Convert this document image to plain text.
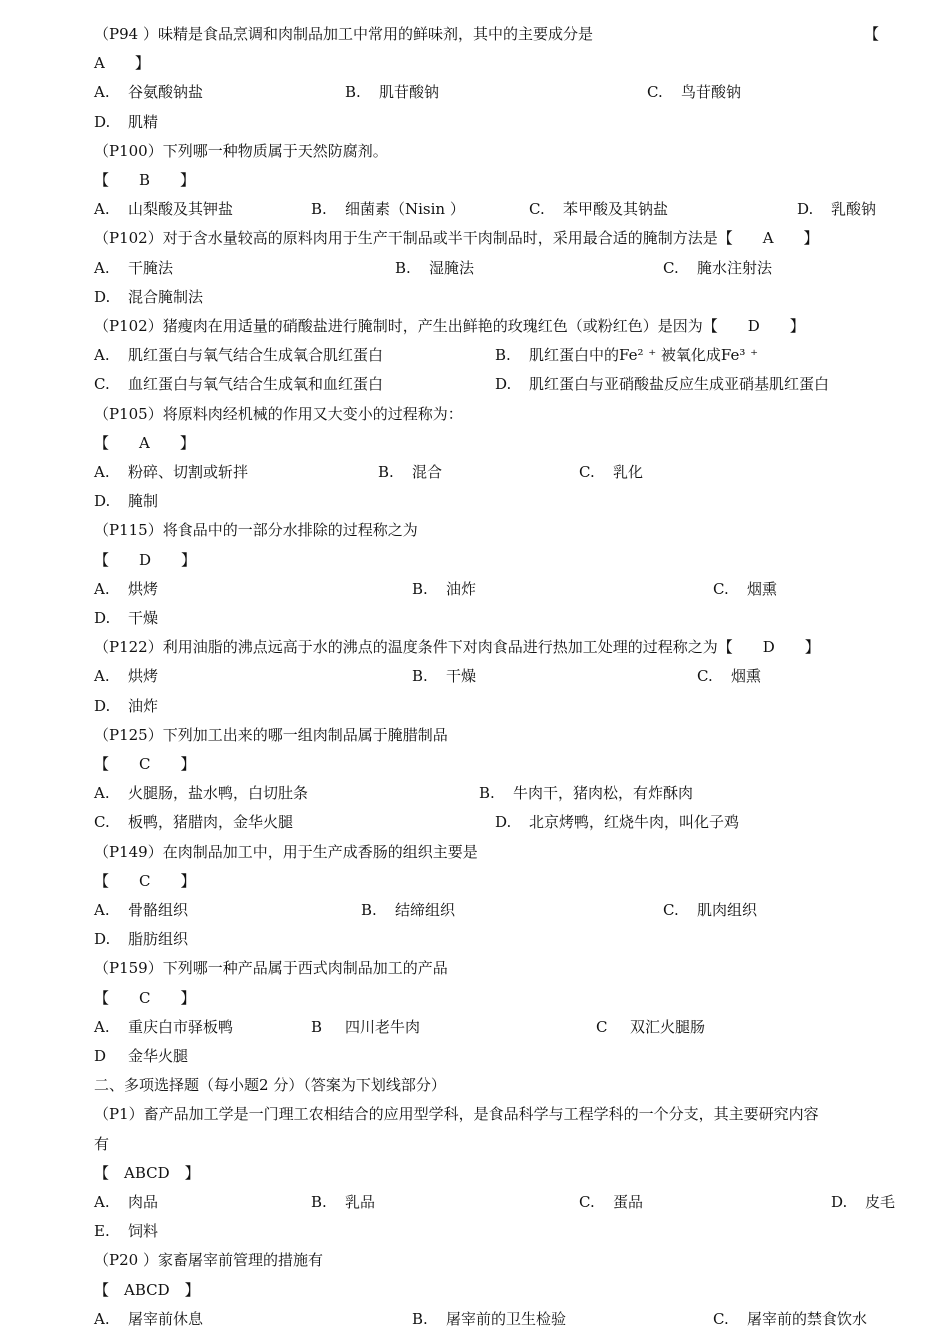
（P94 ）味精是食品烹调和肉制品加工中常用的鲜味剂，其中的主要成分是	【
A　　】
A. 谷氨酸钠盐	B. 肌苷酸钠	C. 鸟苷酸钠
D. 肌精
（P100）下列哪一种物质属于天然防腐剂。
【　　B　　】
A. 山梨酸及其钾盐	B. 细菌素（Nisin ）	C. 苯甲酸及其钠盐	D. 乳酸钠
（P102）对于含水量较高的原料肉用于生产干制品或半干肉制品时，采用最合适的腌制方法是【　　A　　】
A. 干腌法	B. 湿腌法	C. 腌水注射法
D. 混合腌制法
（P102）猪瘦肉在用适量的硝酸盐进行腌制时，产生出鲜艳的玫瑰红色（或粉红色）是因为【　　D　　】
A. 肌红蛋白与氧气结合生成氧合肌红蛋白	B. 肌红蛋白中的Fe² ⁺ 被氧化成Fe³ ⁺
C. 血红蛋白与氧气结合生成氧和血红蛋白	D. 肌红蛋白与亚硝酸盐反应生成亚硝基肌红蛋白
（P105）将原料肉经机械的作用又大变小的过程称为：
【　　A　　】
A. 粉碎、切割或斩拌	B. 混合	C. 乳化
D. 腌制
（P115）将食品中的一部分水排除的过程称之为
【　　D　　】
A. 烘烤	B. 油炸	C. 烟熏
D. 干燥
（P122）利用油脂的沸点远高于水的沸点的温度条件下对肉食品进行热加工处理的过程称之为【　　D　　】
A. 烘烤	B. 干燥	C. 烟熏
D. 油炸
（P125）下列加工出来的哪一组肉制品属于腌腊制品
【　　C　　】
A. 火腿肠，盐水鸭，白切肚条	B. 牛肉干，猪肉松，有炸酥肉
C. 板鸭，猪腊肉，金华火腿	D. 北京烤鸭，红烧牛肉，叫化子鸡
（P149）在肉制品加工中，用于生产成香肠的组织主要是
【　　C　　】
A. 骨骼组织	B. 结缔组织	C. 肌肉组织
D. 脂肪组织
（P159）下列哪一种产品属于西式肉制品加工的产品
【　　C　　】
A. 重庆白市驿板鸭	B 四川老牛肉	C 双汇火腿肠
D 金华火腿
二、多项选择题（每小题2 分）（答案为下划线部分）
（P1）畜产品加工学是一门理工农相结合的应用型学科，是食品科学与工程学科的一个分支，其主要研究内容
有
【　ABCD　】
A. 肉品	B. 乳品	C. 蛋品	D. 皮毛
E. 饲料
（P20 ）家畜屠宰前管理的措施有
【　ABCD　】
A. 屠宰前休息	B. 屠宰前的卫生检验	C. 屠宰前的禁食饮水
